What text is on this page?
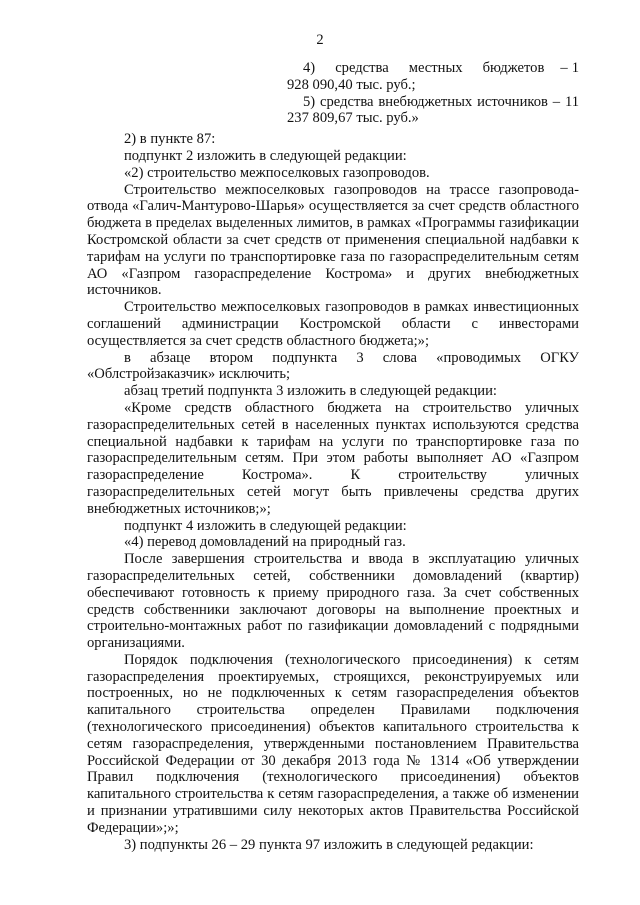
2

4)     средства     местных     бюджетов    – 1 928 090,40 тыс. руб.;

5) средства внебюджетных источников – 11 237 809,67 тыс. руб.»

2) в пункте 87:

подпункт 2 изложить в следующей редакции:

«2) строительство межпоселковых газопроводов.

Строительство межпоселковых газопроводов на трассе газопровода-отвода «Галич-Мантурово-Шарья» осуществляется за счет средств областного бюджета в пределах выделенных лимитов, в рамках «Программы газификации Костромской области за счет средств от применения специальной надбавки к тарифам на услуги по транспортировке газа по газораспределительным сетям АО «Газпром газораспределение Кострома» и других внебюджетных источников.

Строительство межпоселковых газопроводов в рамках инвестиционных соглашений администрации Костромской области с инвесторами осуществляется за счет средств областного бюджета;»;

в абзаце втором подпункта 3 слова «проводимых ОГКУ «Облстройзаказчик» исключить;

абзац третий подпункта 3 изложить в следующей редакции:

«Кроме средств областного бюджета на строительство уличных газораспределительных сетей в населенных пунктах используются средства специальной надбавки к тарифам на услуги по транспортировке газа по газораспределительным сетям. При этом работы выполняет АО «Газпром газораспределение Кострома». К строительству уличных газораспределительных сетей могут быть привлечены средства других внебюджетных источников;»;

подпункт 4 изложить в следующей редакции:

«4) перевод домовладений на природный газ.

После завершения строительства и ввода в эксплуатацию уличных газораспределительных сетей, собственники домовладений (квартир) обеспечивают готовность к приему природного газа. За счет собственных средств собственники заключают договоры на выполнение проектных и строительно-монтажных работ по газификации домовладений с подрядными организациями.

Порядок подключения (технологического присоединения) к сетям газораспределения проектируемых, строящихся, реконструируемых или построенных, но не подключенных к сетям газораспределения объектов капитального строительства определен Правилами подключения (технологического присоединения) объектов капитального строительства к сетям газораспределения, утвержденными постановлением Правительства Российской Федерации от 30 декабря 2013 года № 1314 «Об утверждении Правил подключения (технологического присоединения) объектов капитального строительства к сетям газораспределения, а также об изменении и признании утратившими силу некоторых актов Правительства Российской Федерации»;»;

3) подпункты 26 – 29 пункта 97 изложить в следующей редакции:
